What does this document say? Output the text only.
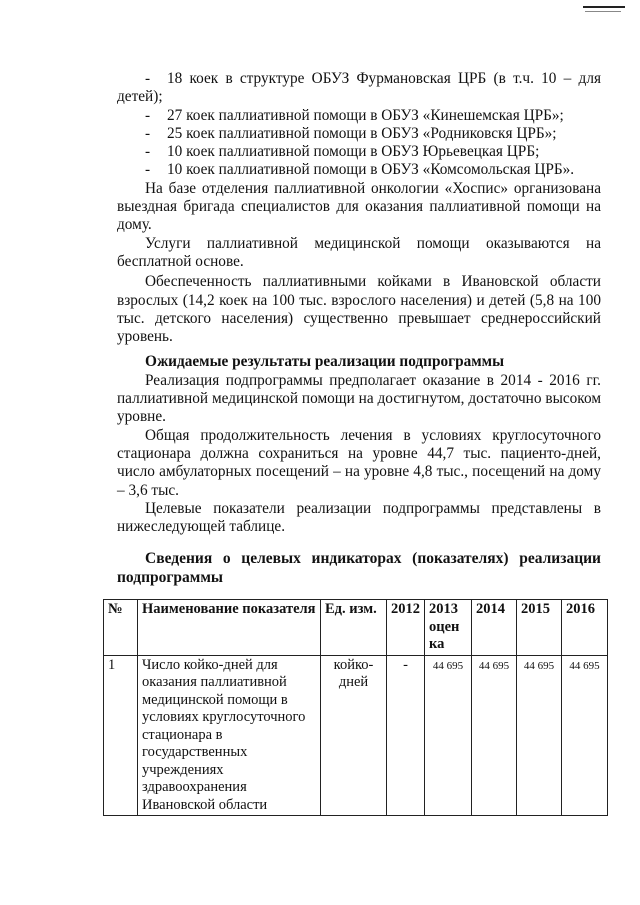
- 18 коек в структуре ОБУЗ Фурмановская ЦРБ (в т.ч. 10 – для детей);

- 27 коек паллиативной помощи в ОБУЗ «Кинешемская ЦРБ»;

- 25 коек паллиативной помощи в ОБУЗ «Родниковскя ЦРБ»;

- 10 коек паллиативной помощи в ОБУЗ Юрьевецкая ЦРБ;

- 10 коек паллиативной помощи в ОБУЗ «Комсомольская ЦРБ».

На базе отделения паллиативной онкологии «Хоспис» организована выездная бригада специалистов для оказания паллиативной помощи на дому.

Услуги паллиативной медицинской помощи оказываются на бесплатной основе.

Обеспеченность паллиативными койками в Ивановской области взрослых (14,2 коек на 100 тыс. взрослого населения) и детей (5,8 на 100 тыс. детского населения) существенно превышает среднероссийский уровень.

Ожидаемые результаты реализации подпрограммы

Реализация подпрограммы предполагает оказание в 2014 - 2016 гг. паллиативной медицинской помощи на достигнутом, достаточно высоком уровне.

Общая продолжительность лечения в условиях круглосуточного стационара должна сохраниться на уровне 44,7 тыс. пациенто-дней, число амбулаторных посещений – на уровне 4,8 тыс., посещений на дому – 3,6 тыс.

Целевые показатели реализации подпрограммы представлены в нижеследующей таблице.

Сведения о целевых индикаторах (показателях) реализации подпрограммы

№	Наименование показателя	Ед. изм.	2012	2013 оцен ка	2014	2015	2016
1	Число койко-дней для оказания паллиативной медицинской помощи в условиях круглосуточного стационара в государственных учреждениях здравоохранения Ивановской области	койко-дней	-	44 695	44 695	44 695	44 695
